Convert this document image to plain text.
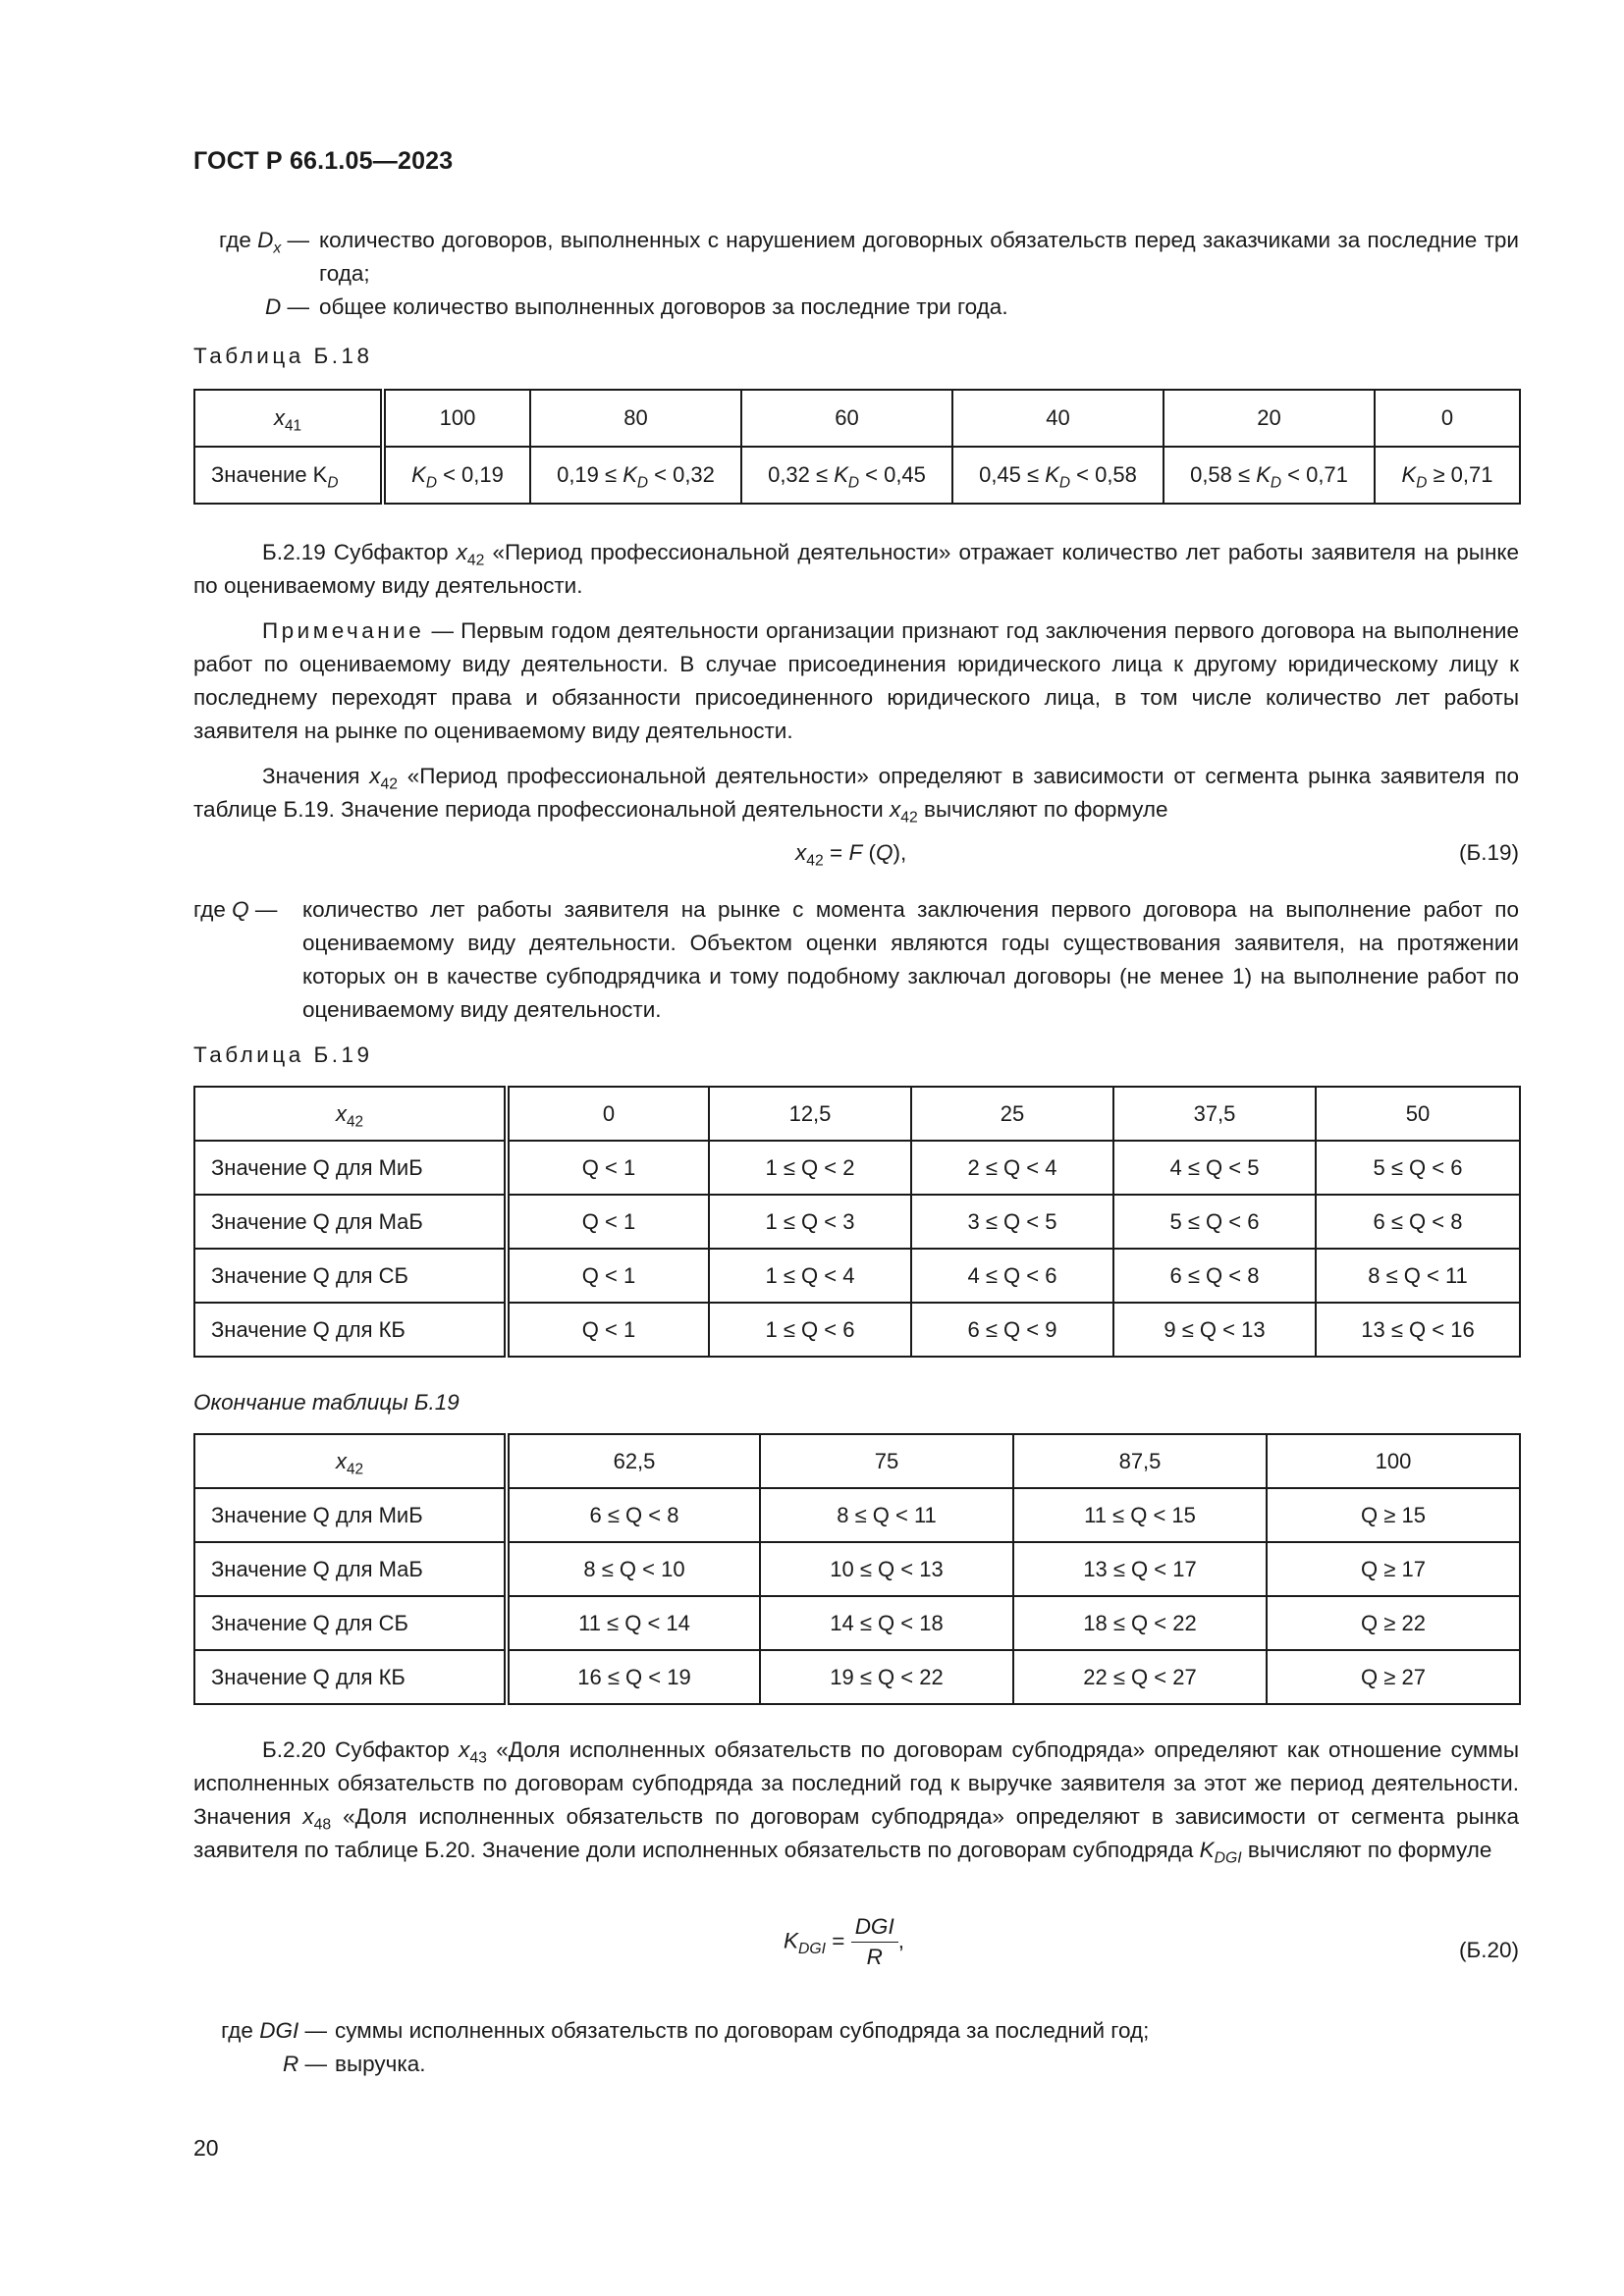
ГОСТ Р 66.1.05—2023
где $D_x$ — количество договоров, выполненных с нарушением договорных обязательств перед заказчиками за последние три года;
D — общее количество выполненных договоров за последние три года.
Таблица Б.18
$x_{41}$	100	80	60	40	20	0
Значение $K_D$	$K_D < 0,19$	$0,19 \le K_D < 0,32$	$0,32 \le K_D < 0,45$	$0,45 \le K_D < 0,58$	$0,58 \le K_D < 0,71$	$K_D \ge 0,71$
Б.2.19 Субфактор $x_{42}$ «Период профессиональной деятельности» отражает количество лет работы заявителя на рынке по оцениваемому виду деятельности.
Примечание — Первым годом деятельности организации признают год заключения первого договора на выполнение работ по оцениваемому виду деятельности. В случае присоединения юридического лица к другому юридическому лицу к последнему переходят права и обязанности присоединенного юридического лица, в том числе количество лет работы заявителя на рынке по оцениваемому виду деятельности.
Значения $x_{42}$ «Период профессиональной деятельности» определяют в зависимости от сегмента рынка заявителя по таблице Б.19. Значение периода профессиональной деятельности $x_{42}$ вычисляют по формуле
$x_{42} = F$ (Q),	(Б.19)
где Q —	количество лет работы заявителя на рынке с момента заключения первого договора на выполнение работ по оцениваемому виду деятельности. Объектом оценки являются годы существования заявителя, на протяжении которых он в качестве субподрядчика и тому подобному заключал договоры (не менее 1) на выполнение работ по оцениваемому виду деятельности.
Таблица Б.19
$x_{42}$	0	12,5	25	37,5	50
Значение Q для МиБ	Q < 1	1 ≤ Q < 2	2 ≤ Q < 4	4 ≤ Q < 5	5 ≤ Q < 6
Значение Q для МаБ	Q < 1	1 ≤ Q < 3	3 ≤ Q < 5	5 ≤ Q < 6	6 ≤ Q < 8
Значение Q для СБ	Q < 1	1 ≤ Q < 4	4 ≤ Q < 6	6 ≤ Q < 8	8 ≤ Q < 11
Значение Q для КБ	Q < 1	1 ≤ Q < 6	6 ≤ Q < 9	9 ≤ Q < 13	13 ≤ Q < 16
Окончание таблицы Б.19
$x_{42}$	62,5	75	87,5	100
Значение Q для МиБ	6 ≤ Q < 8	8 ≤ Q < 11	11 ≤ Q < 15	Q ≥ 15
Значение Q для МаБ	8 ≤ Q < 10	10 ≤ Q < 13	13 ≤ Q < 17	Q ≥ 17
Значение Q для СБ	11 ≤ Q < 14	14 ≤ Q < 18	18 ≤ Q < 22	Q ≥ 22
Значение Q для КБ	16 ≤ Q < 19	19 ≤ Q < 22	22 ≤ Q < 27	Q ≥ 27
Б.2.20 Субфактор $x_{43}$ «Доля исполненных обязательств по договорам субподряда» определяют как отношение суммы исполненных обязательств по договорам субподряда за последний год к выручке заявителя за этот же период деятельности. Значения $x_{48}$ «Доля исполненных обязательств по договорам субподряда» определяют в зависимости от сегмента рынка заявителя по таблице Б.20. Значение доли исполненных обязательств по договорам субподряда $K_{DGI}$ вычисляют по формуле
$K_{DGI} = \frac{\text{DGI}}{R}$ ,	(Б.20)
где DGI — суммы исполненных обязательств по договорам субподряда за последний год;
R — выручка.
20
